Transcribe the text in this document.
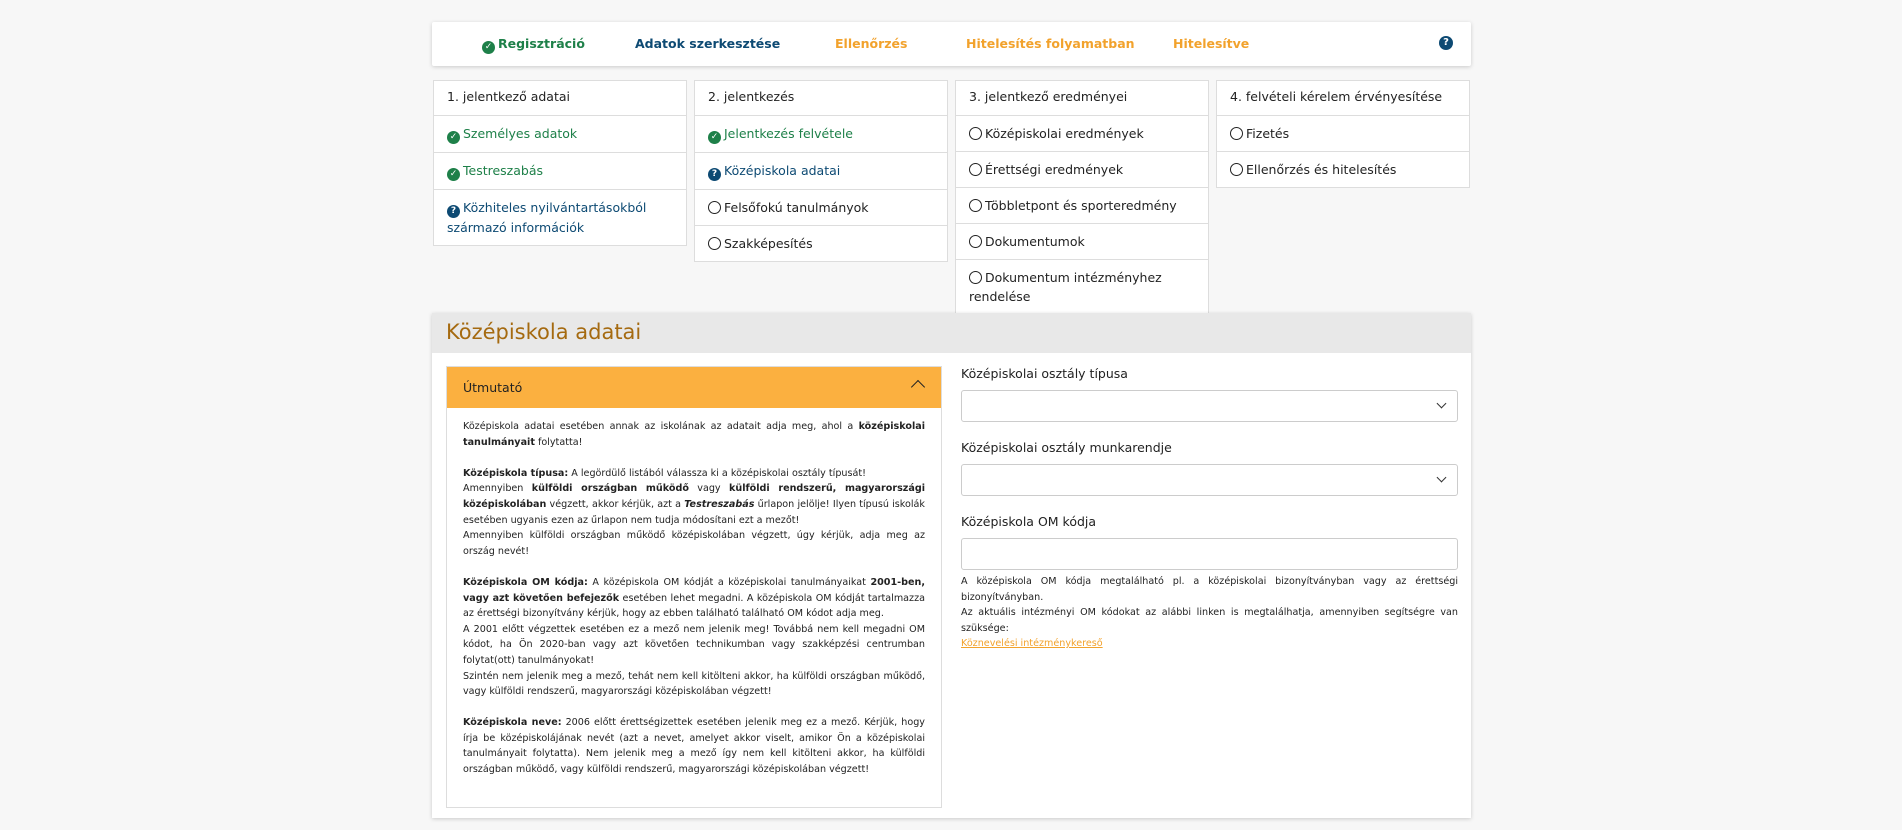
✓ Regisztráció	Adatok szerkesztése	Ellenőrzés	Hitelesítés folyamatban	Hitelesítve	?
1. jelentkező adatai
✓ Személyes adatok
✓ Testreszabás
? Közhiteles nyilvántartásokból származó információk
2. jelentkezés
✓ Jelentkezés felvétele
? Középiskola adatai
Felsőfokú tanulmányok
Szakképesítés
3. jelentkező eredményei
Középiskolai eredmények
Érettségi eredmények
Többletpont és sporteredmény
Dokumentumok
Dokumentum intézményhez rendelése
4. felvételi kérelem érvényesítése
Fizetés
Ellenőrzés és hitelesítés
Középiskola adatai
Útmutató

Középiskola adatai esetében annak az iskolának az adatait adja meg, ahol a középiskolai tanulmányait folytatta!

Középiskola típusa: A legördülő listából válassza ki a középiskolai osztály típusát!
Amennyiben külföldi országban működő vagy külföldi rendszerű, magyarországi középiskolában végzett, akkor kérjük, azt a Testreszabás űrlapon jelölje! Ilyen típusú iskolák esetében ugyanis ezen az űrlapon nem tudja módosítani ezt a mezőt!
Amennyiben külföldi országban működő középiskolában végzett, úgy kérjük, adja meg az ország nevét!

Középiskola OM kódja: A középiskola OM kódját a középiskolai tanulmányaikat 2001-ben, vagy azt követően befejezők esetében lehet megadni. A középiskola OM kódját tartalmazza az érettségi bizonyítvány kérjük, hogy az ebben található található OM kódot adja meg.
A 2001 előtt végzettek esetében ez a mező nem jelenik meg! Továbbá nem kell megadni OM kódot, ha Ön 2020-ban vagy azt követően technikumban vagy szakképzési centrumban folytat(ott) tanulmányokat!
Szintén nem jelenik meg a mező, tehát nem kell kitölteni akkor, ha külföldi országban működő, vagy külföldi rendszerű, magyarországi középiskolában végzett!

Középiskola neve: 2006 előtt érettségizettek esetében jelenik meg ez a mező. Kérjük, hogy írja be középiskolájának nevét (azt a nevet, amelyet akkor viselt, amikor Ön a középiskolai tanulmányait folytatta). Nem jelenik meg a mező így nem kell kitölteni akkor, ha külföldi országban működő, vagy külföldi rendszerű, magyarországi középiskolában végzett!

Középiskolai osztály típusa
Középiskolai osztály munkarendje
Középiskola OM kódja
A középiskola OM kódja megtalálható pl. a középiskolai bizonyítványban vagy az érettségi bizonyítványban.
Az aktuális intézményi OM kódokat az alábbi linken is megtalálhatja, amennyiben segítségre van szüksége:
Köznevelési intézménykereső
